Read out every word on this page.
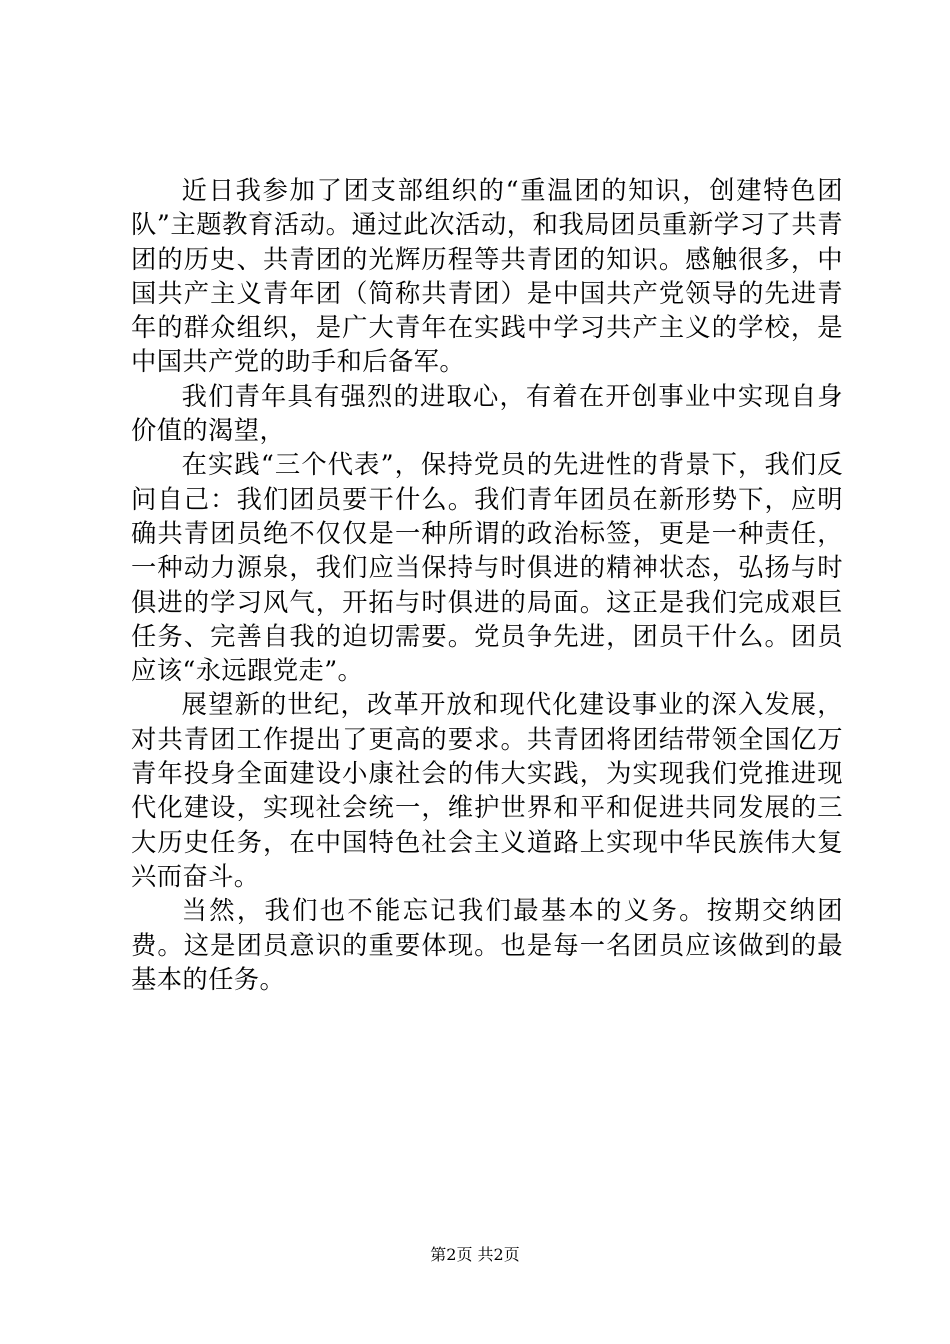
近日我参加了团支部组织的“重温团的知识，创建特色团队”主题教育活动。通过此次活动，和我局团员重新学习了共青团的历史、共青团的光辉历程等共青团的知识。感触很多，中国共产主义青年团（简称共青团）是中国共产党领导的先进青年的群众组织，是广大青年在实践中学习共产主义的学校，是中国共产党的助手和后备军。

我们青年具有强烈的进取心，有着在开创事业中实现自身价值的渴望，

在实践“三个代表”，保持党员的先进性的背景下，我们反问自己：我们团员要干什么。我们青年团员在新形势下，应明确共青团员绝不仅仅是一种所谓的政治标签，更是一种责任，一种动力源泉，我们应当保持与时俱进的精神状态，弘扬与时俱进的学习风气，开拓与时俱进的局面。这正是我们完成艰巨任务、完善自我的迫切需要。党员争先进，团员干什么。团员应该“永远跟党走”。

展望新的世纪，改革开放和现代化建设事业的深入发展，对共青团工作提出了更高的要求。共青团将团结带领全国亿万青年投身全面建设小康社会的伟大实践，为实现我们党推进现代化建设，实现社会统一，维护世界和平和促进共同发展的三大历史任务，在中国特色社会主义道路上实现中华民族伟大复兴而奋斗。

当然，我们也不能忘记我们最基本的义务。按期交纳团费。这是团员意识的重要体现。也是每一名团员应该做到的最基本的任务。

第2页 共2页
